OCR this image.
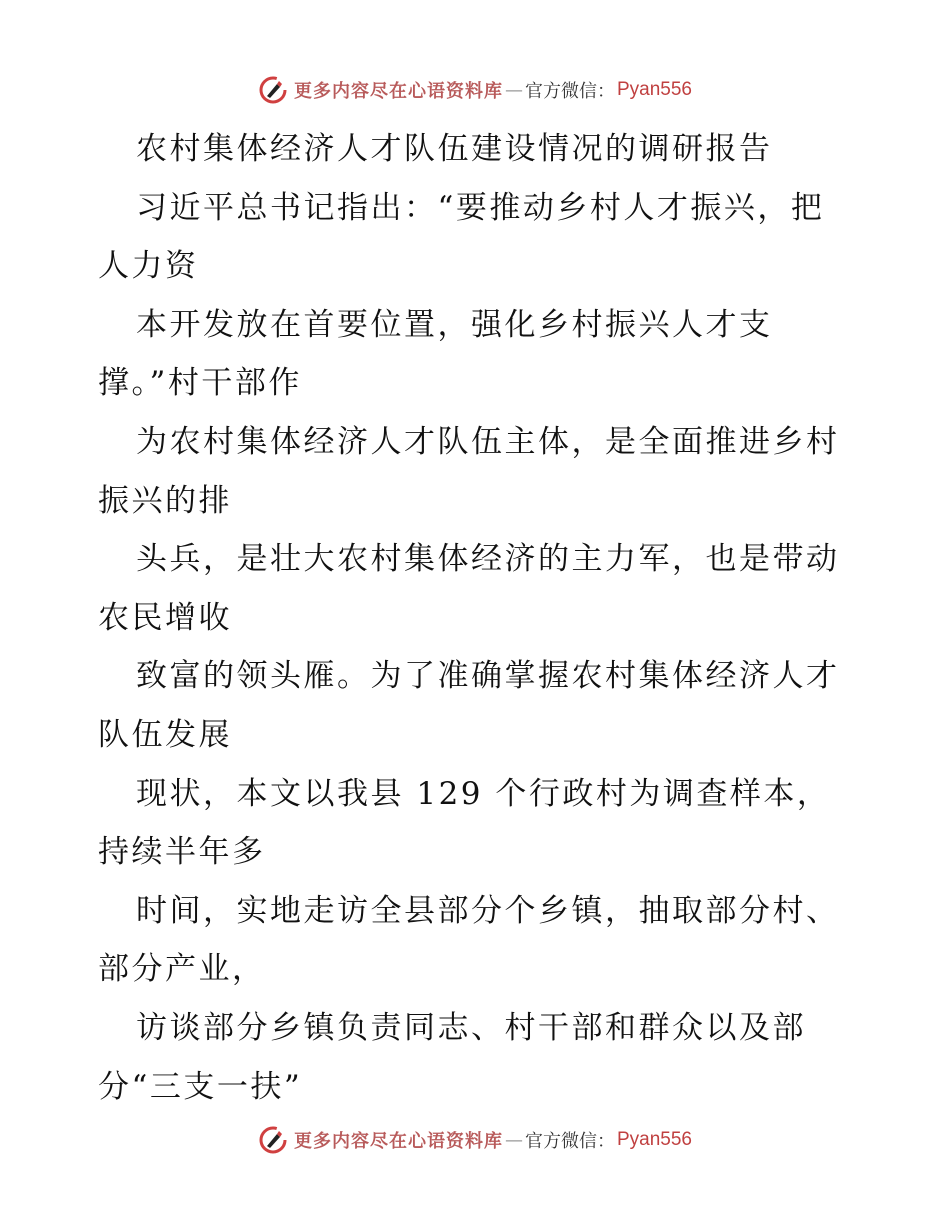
更多内容尽在心语资料库 — 官方微信： Pyan556
农村集体经济人才队伍建设情况的调研报告
习近平总书记指出：“要推动乡村人才振兴，把
人力资
本开发放在首要位置，强化乡村振兴人才支
撑。”村干部作
为农村集体经济人才队伍主体，是全面推进乡村
振兴的排
头兵，是壮大农村集体经济的主力军，也是带动
农民增收
致富的领头雁。为了准确掌握农村集体经济人才
队伍发展
现状，本文以我县 129 个行政村为调查样本，
持续半年多
时间，实地走访全县部分个乡镇，抽取部分村、
部分产业，
访谈部分乡镇负责同志、村干部和群众以及部
分“三支一扶”
更多内容尽在心语资料库 — 官方微信： Pyan556
